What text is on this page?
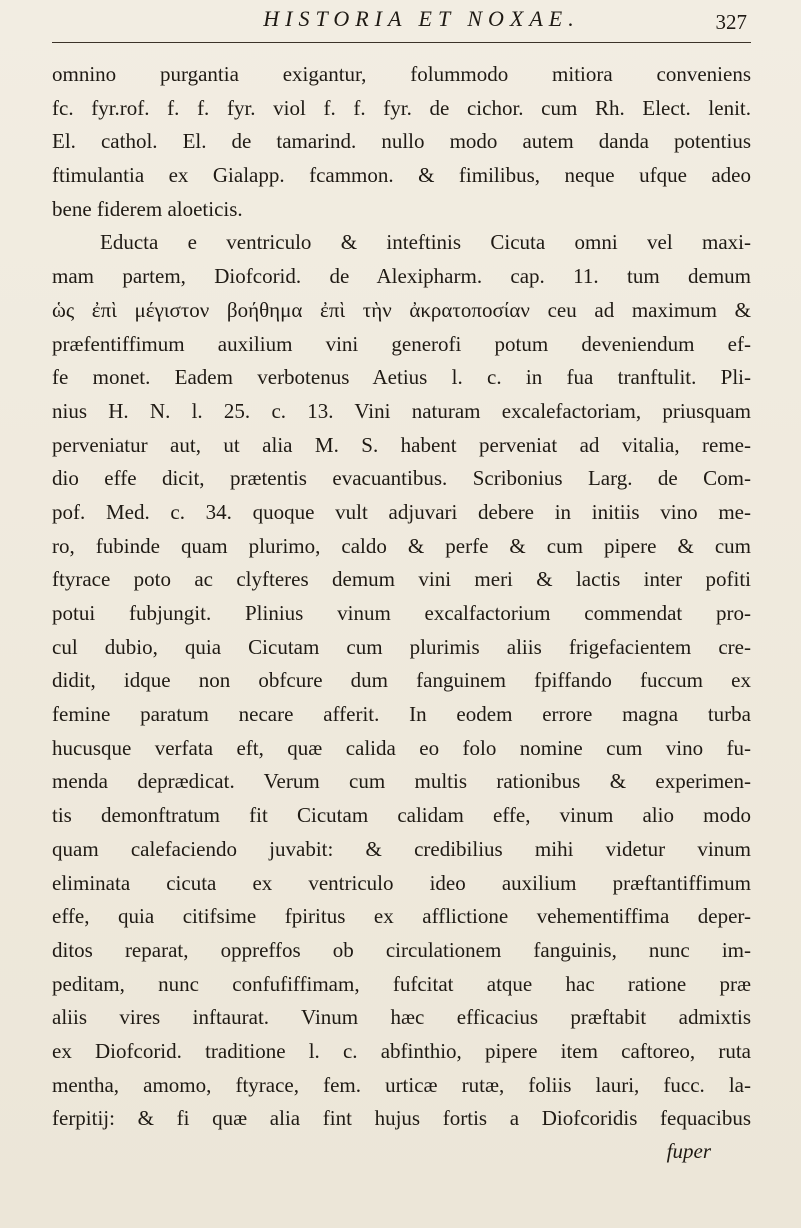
HISTORIA ET NOXAE.	327
omnino purgantia exigantur, folummodo mitiora conveniens
fc. fyr.rof. f. f. fyr. viol f. f. fyr. de cichor. cum Rh. Elect. lenit.
El. cathol. El. de tamarind. nullo modo autem danda potentius
ftimulantia ex Gialapp. fcammon. & fimilibus, neque ufque adeo
bene fiderem aloeticis.
Educta e ventriculo & inteftinis Cicuta omni vel maxi-
mam partem, Diofcorid. de Alexipharm. cap. 11. tum demum
ὡς ἐπὶ μέγιστον βοήθημα ἐπὶ τὴν ἀκρατοποσίαν ceu ad maximum &
præfentiffimum auxilium vini generofi potum deveniendum ef-
fe monet. Eadem verbotenus Aetius l. c. in fua tranftulit. Pli-
nius H. N. l. 25. c. 13. Vini naturam excalefactoriam, priusquam
perveniatur aut, ut alia M. S. habent perveniat ad vitalia, reme-
dio effe dicit, prætentis evacuantibus. Scribonius Larg. de Com-
pof. Med. c. 34. quoque vult adjuvari debere in initiis vino me-
ro, fubinde quam plurimo, caldo & perfe & cum pipere & cum
ftyrace poto ac clyfteres demum vini meri & lactis inter pofiti
potui fubjungit. Plinius vinum excalfactorium commendat pro-
cul dubio, quia Cicutam cum plurimis aliis frigefacientem cre-
didit, idque non obfcure dum fanguinem fpiffando fuccum ex
femine paratum necare afferit. In eodem errore magna turba
hucusque verfata eft, quæ calida eo folo nomine cum vino fu-
menda deprædicat. Verum cum multis rationibus & experimen-
tis demonftratum fit Cicutam calidam effe, vinum alio modo
quam calefaciendo juvabit: & credibilius mihi videtur vinum
eliminata cicuta ex ventriculo ideo auxilium præftantiffimum
effe, quia citifsime fpiritus ex afflictione vehementiffima deper-
ditos reparat, oppreffos ob circulationem fanguinis, nunc im-
peditam, nunc confufiffimam, fufcitat atque hac ratione præ
aliis vires inftaurat. Vinum hæc efficacius præftabit admixtis
ex Diofcorid. traditione l. c. abfinthio, pipere item caftoreo, ruta
mentha, amomo, ftyrace, fem. urticæ rutæ, foliis lauri, fucc. la-
ferpitij: & fi quæ alia fint hujus fortis a Diofcoridis fequacibus
fuper
